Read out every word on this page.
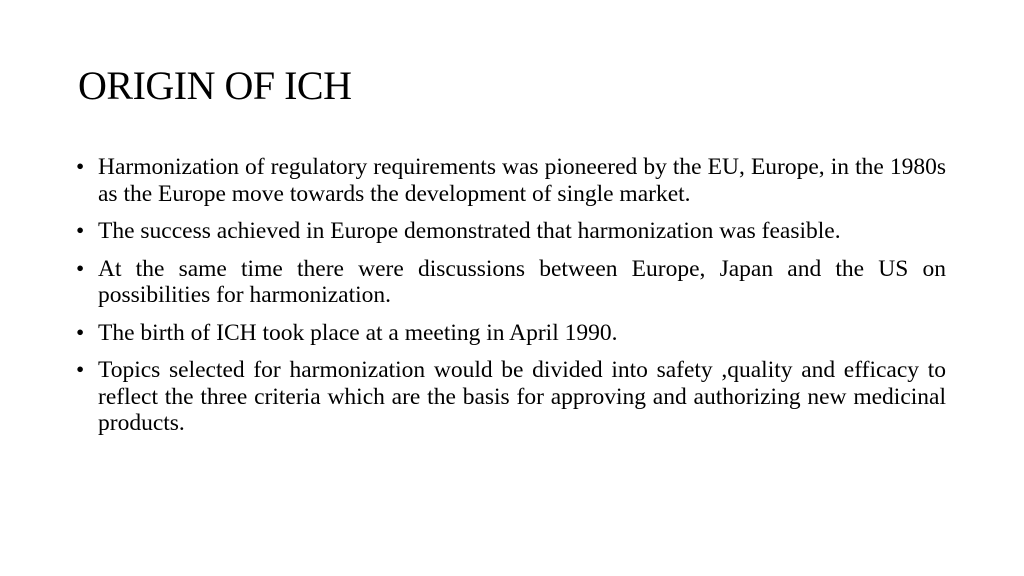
ORIGIN OF ICH
• Harmonization of regulatory requirements was pioneered by the EU, Europe, in the 1980s as the Europe move towards the development of single market.
• The success achieved in Europe demonstrated that harmonization was feasible.
• At the same time there were discussions between Europe, Japan and the US on possibilities for harmonization.
• The birth of ICH took place at a meeting in April 1990.
• Topics selected for harmonization would be divided into safety ,quality and efficacy to reflect the three criteria which are the basis for approving and authorizing new medicinal products.
